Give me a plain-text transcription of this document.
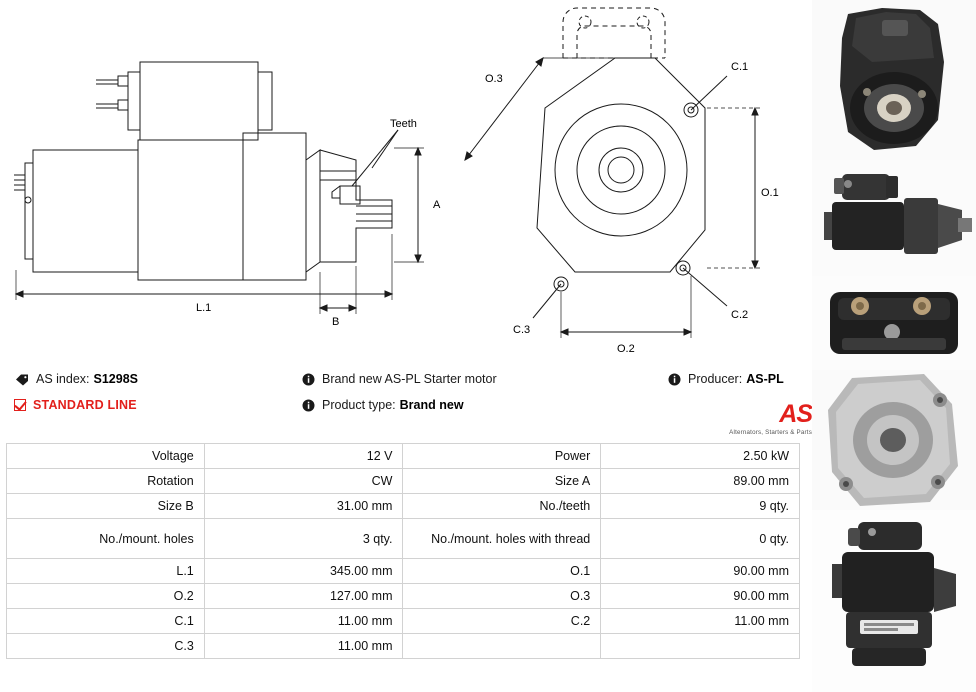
Teeth
A
L.1
B
O.3
O.1
O.2
C.1
C.2
C.3
AS index: S1298S
STANDARD LINE
Brand new AS-PL Starter motor
Product type: Brand new
Producer: AS-PL
AS
Alternators, Starters & Parts
Voltage	12 V	Power	2.50 kW
Rotation	CW	Size A	89.00 mm
Size B	31.00 mm	No./teeth	9 qty.
No./mount. holes	3 qty.	No./mount. holes with thread	0 qty.
L.1	345.00 mm	O.1	90.00 mm
O.2	127.00 mm	O.3	90.00 mm
C.1	11.00 mm	C.2	11.00 mm
C.3	11.00 mm		
